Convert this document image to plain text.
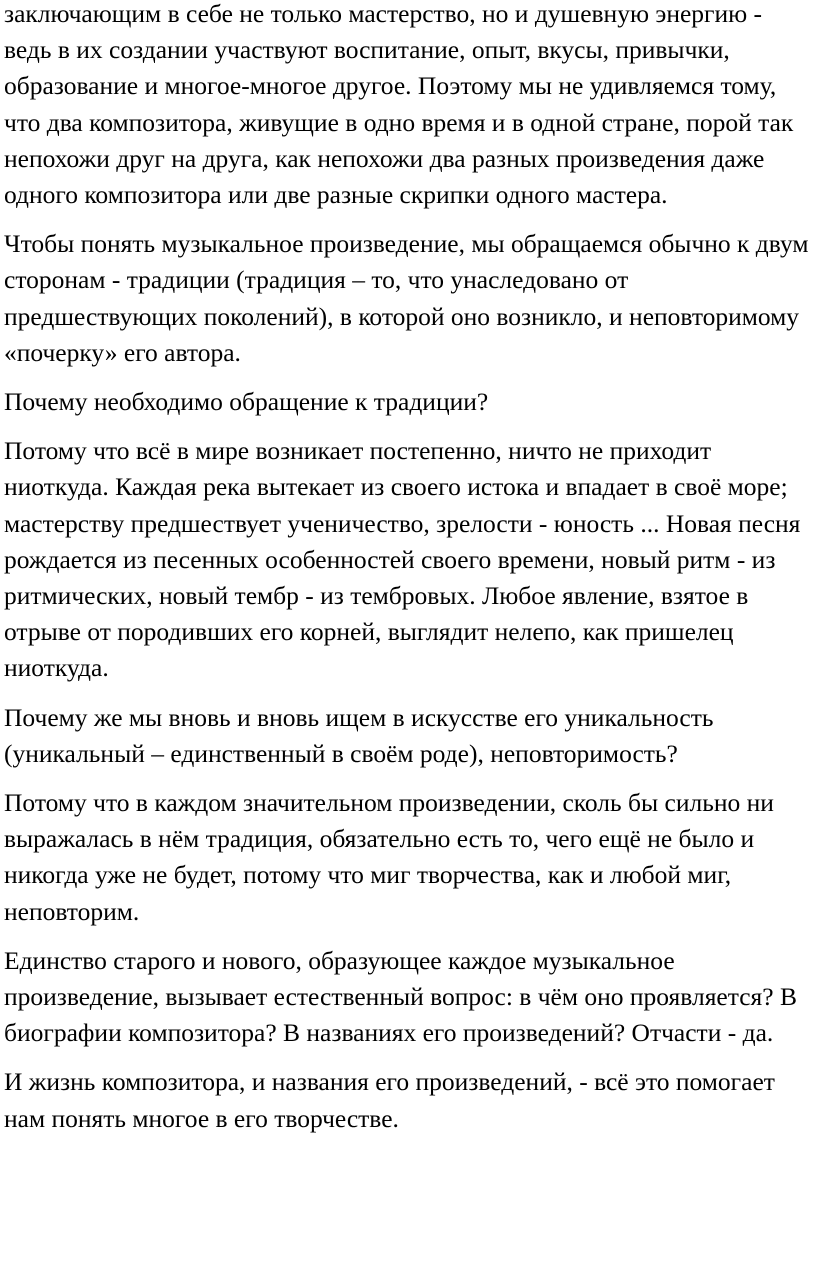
заключающим в себе не только мастерство, но и душевную энергию - ведь в их создании участвуют воспитание, опыт, вкусы, привычки, образование и многое-многое другое. Поэтому мы не удивляемся тому, что два композитора, живущие в одно время и в одной стране, порой так непохожи друг на друга, как непохожи два разных произведения даже одного композитора или две разные скрипки одного мастера.

Чтобы понять музыкальное произведение, мы обращаемся обычно к двум сторонам - традиции (традиция – то, что унаследовано от предшествующих поколений), в которой оно возникло, и неповторимому «почерку» его автора.

Почему необходимо обращение к традиции?

Потому что всё в мире возникает постепенно, ничто не приходит ниоткуда. Каждая река вытекает из своего истока и впадает в своё море; мастерству предшествует ученичество, зрелости - юность ... Новая песня рождается из песенных особенностей своего времени, новый ритм - из ритмических, новый тембр - из тембровых. Любое явление, взятое в отрыве от породивших его корней, выглядит нелепо, как пришелец ниоткуда.

Почему же мы вновь и вновь ищем в искусстве его уникальность (уникальный – единственный в своём роде), неповторимость?

Потому что в каждом значительном произведении, сколь бы сильно ни выражалась в нём традиция, обязательно есть то, чего ещё не было и никогда уже не будет, потому что миг творчества, как и любой миг, неповторим.

Единство старого и нового, образующее каждое музыкальное произведение, вызывает естественный вопрос: в чём оно проявляется? В биографии композитора? В названиях его произведений? Отчасти - да.

И жизнь композитора, и названия его произведений, - всё это помогает нам понять многое в его творчестве.
